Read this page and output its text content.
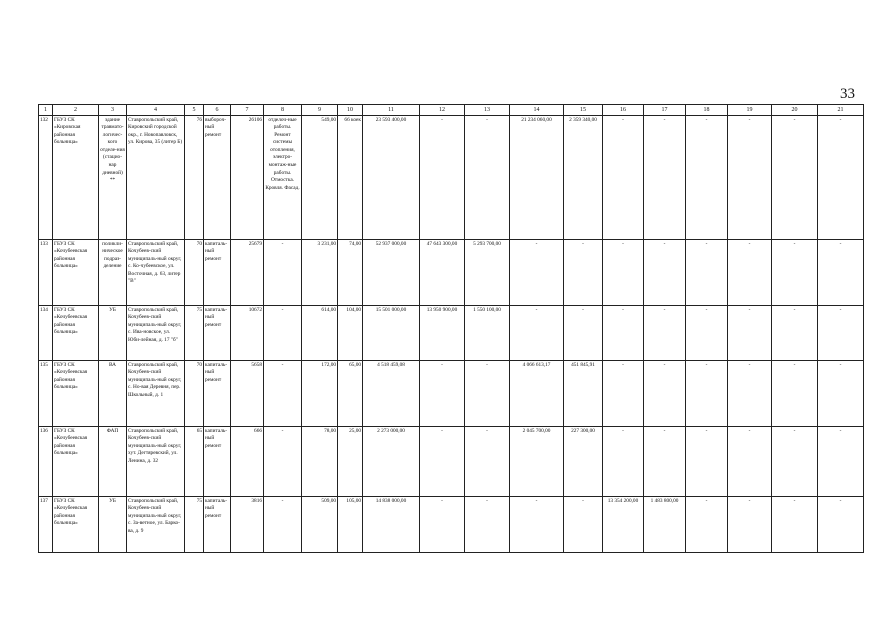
33
1	2	3	4	5	6	7	8	9	10	11	12	13	14	15	16	17	18	19	20	21
132	ГБУЗ СК «Кировская районная больница»	здание травмато-логичес-кого отделе-ния (стацио-нар дневной) **	Ставропольский край, Кировский городской окр., г. Новопавловск, ул. Кирова, 35 (литер Б)	76	выбороч-ный ремонт	26106	отделоч-ные работы. Ремонт системы отопления, электро-монтаж-ные работы. Отмостка. Кровля. Фасад.	549,00	66 коек	23 593 400,00	-	-	21 234 060,00	2 359 340,00	-	-	-	-	-	-
133	ГБУЗ СК «Кочубеевская районная больница»	поликли-ническое подраз-деление	Ставропольский край, Кочубеев-ский муниципаль-ный округ, с. Ко-чубеевское, ул. Восточная, д. 63, литер "В"	70	капиталь-ный ремонт	25679	-	3 231,00	74,00	52 937 000,00	47 643 300,00	5 293 700,00	-	-	-	-	-	-	-	-
134	ГБУЗ СК «Кочубеевская районная больница»	УБ	Ставропольский край, Кочубеев-ский муниципаль-ный округ, с. Ива-новское, ул. Юби-лейная, д. 17 "б"	75	капиталь-ный ремонт	10672	-	614,00	104,00	15 501 000,00	13 950 900,00	1 550 100,00	-	-	-	-	-	-	-	-
135	ГБУЗ СК «Кочубеевская районная больница»	ВА	Ставропольский край, Кочубеев-ский муниципаль-ный округ, с. Но-вая Деревня, пер. Школьный, д. 1	70	капиталь-ный ремонт	5658	-	172,00	65,00	4 518 459,08	-	-	4 066 613,17	451 845,91	-	-	-	-	-	-
136	ГБУЗ СК «Кочубеевская районная больница»	ФАП	Ставропольский край, Кочубеев-ский муниципаль-ный округ, хут. Дегтяревский, ул. Ленина, д. 32	65	капиталь-ный ремонт	666	-	78,00	25,00	2 273 000,00	-	-	2 045 700,00	227 300,00	-	-	-	-	-	-
137	ГБУЗ СК «Кочубеевская районная больница»	УБ	Ставропольский край, Кочубеев-ский муниципаль-ный округ, с. За-ветное, ул. Барко-ва, д. 9	75	капиталь-ный ремонт	3816	-	509,00	105,00	14 838 000,00	-	-	-	-	13 354 200,00	1 483 800,00	-	-	-	-
